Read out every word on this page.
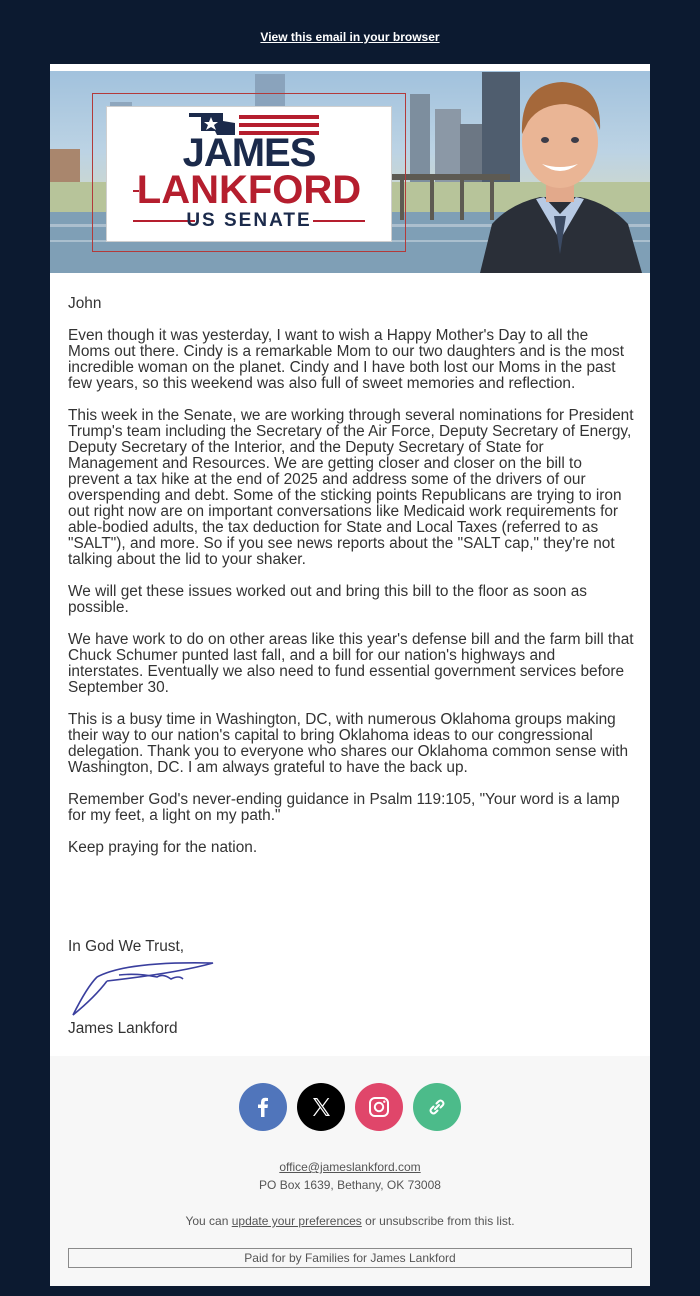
View this email in your browser
JAMES
LANKFORD
US SENATE

John

Even though it was yesterday, I want to wish a Happy Mother's Day to all the Moms out there. Cindy is a remarkable Mom to our two daughters and is the most incredible woman on the planet. Cindy and I have both lost our Moms in the past few years, so this weekend was also full of sweet memories and reflection.

This week in the Senate, we are working through several nominations for President Trump's team including the Secretary of the Air Force, Deputy Secretary of Energy, Deputy Secretary of the Interior, and the Deputy Secretary of State for Management and Resources. We are getting closer and closer on the bill to prevent a tax hike at the end of 2025 and address some of the drivers of our overspending and debt. Some of the sticking points Republicans are trying to iron out right now are on important conversations like Medicaid work requirements for able-bodied adults, the tax deduction for State and Local Taxes (referred to as "SALT"), and more. So if you see news reports about the "SALT cap," they're not talking about the lid to your shaker.

We will get these issues worked out and bring this bill to the floor as soon as possible.

We have work to do on other areas like this year's defense bill and the farm bill that Chuck Schumer punted last fall, and a bill for our nation's highways and interstates. Eventually we also need to fund essential government services before September 30.

This is a busy time in Washington, DC, with numerous Oklahoma groups making their way to our nation's capital to bring Oklahoma ideas to our congressional delegation. Thank you to everyone who shares our Oklahoma common sense with Washington, DC. I am always grateful to have the back up.

Remember God's never-ending guidance in Psalm 119:105, "Your word is a lamp for my feet, a light on my path."

Keep praying for the nation.

In God We Trust,
James Lankford

office@jameslankford.com
PO Box 1639, Bethany, OK 73008
You can update your preferences or unsubscribe from this list.
Paid for by Families for James Lankford
